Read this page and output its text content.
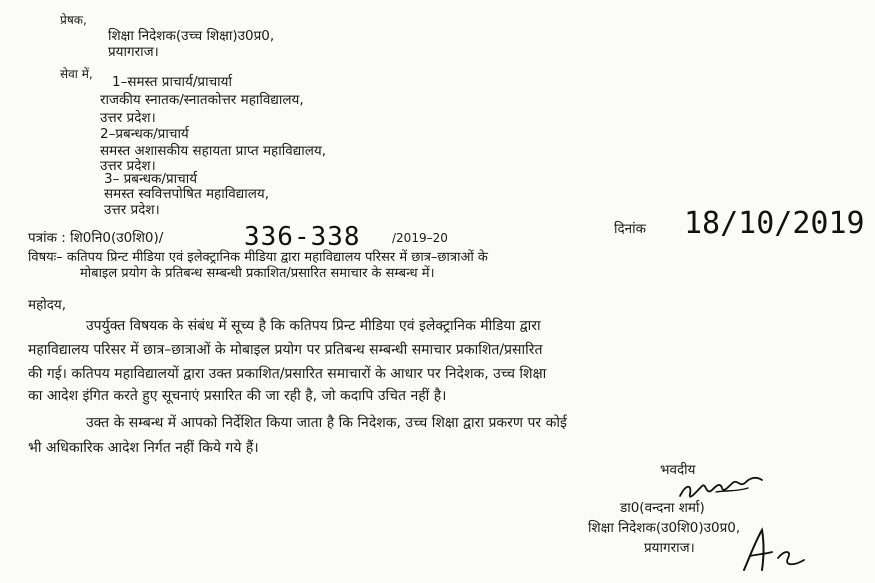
प्रेषक,
शिक्षा निदेशक(उच्च शिक्षा)उ0प्र0,
प्रयागराज।
सेवा में, 1–समस्त प्राचार्य/प्राचार्या
राजकीय स्नातक/स्नातकोत्तर महाविद्यालय,
उत्तर प्रदेश।
2–प्रबन्धक/प्राचार्य
समस्त अशासकीय सहायता प्राप्त महाविद्यालय,
उत्तर प्रदेश।
3– प्रबन्धक/प्राचार्य
समस्त स्ववित्तपोषित महाविद्यालय,
उत्तर प्रदेश।
पत्रांक : शि0नि0(उ0शि0)/	336-338	/2019–20
दिनांक 18/10/2019
विषयः– कतिपय प्रिन्ट मीडिया एवं इलेक्ट्रानिक मीडिया द्वारा महाविद्यालय परिसर में छात्र–छात्राओं के
मोबाइल प्रयोग के प्रतिबन्ध सम्बन्धी प्रकाशित/प्रसारित समाचार के सम्बन्ध में।
महोदय,
उपर्युक्त विषयक के संबंध में सूच्य है कि कतिपय प्रिन्ट मीडिया एवं इलेक्ट्रानिक मीडिया द्वारा
महाविद्यालय परिसर में छात्र–छात्राओं के मोबाइल प्रयोग पर प्रतिबन्ध सम्बन्धी समाचार प्रकाशित/प्रसारित
की गई। कतिपय महाविद्यालयों द्वारा उक्त प्रकाशित/प्रसारित समाचारों के आधार पर निदेशक, उच्च शिक्षा
का आदेश इंगित करते हुए सूचनाएं प्रसारित की जा रही है, जो कदापि उचित नहीं है।
उक्त के सम्बन्ध में आपको निर्देशित किया जाता है कि निदेशक, उच्च शिक्षा द्वारा प्रकरण पर कोई
भी अधिकारिक आदेश निर्गत नहीं किये गये हैं।
भवदीय
डा0(वन्दना शर्मा)
शिक्षा निदेशक(उ0शि0)उ0प्र0,
प्रयागराज।
